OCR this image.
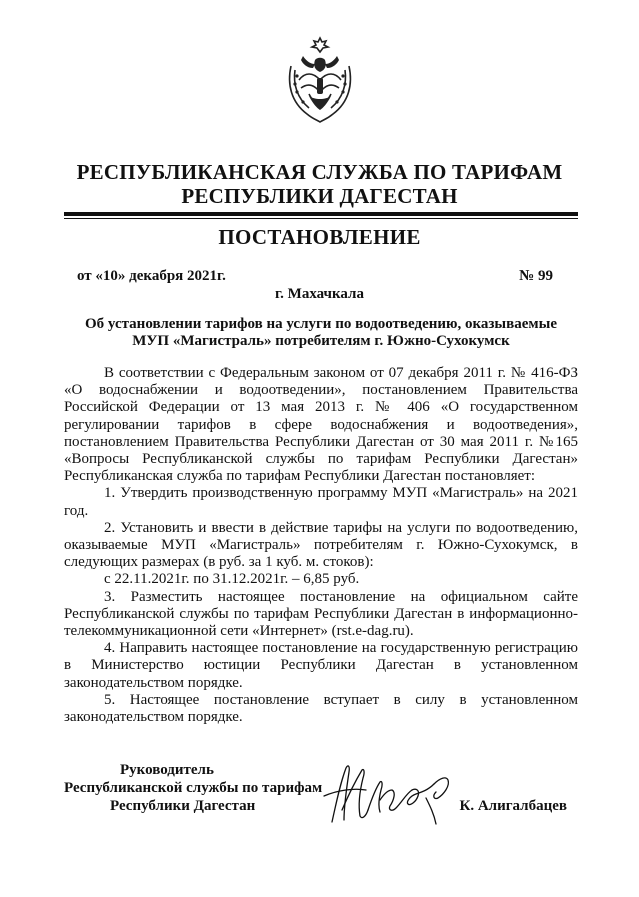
РЕСПУБЛИКАНСКАЯ СЛУЖБА ПО ТАРИФАМ
РЕСПУБЛИКИ ДАГЕСТАН
ПОСТАНОВЛЕНИЕ
от «10» декабря 2021г.	№ 99
г. Махачкала
Об установлении тарифов на услуги по водоотведению, оказываемые
МУП «Магистраль» потребителям г. Южно-Сухокумск

В соответствии с Федеральным законом от 07 декабря 2011 г. № 416-ФЗ «О водоснабжении и водоотведении», постановлением Правительства Российской Федерации от 13 мая 2013 г. № 406 «О государственном регулировании тарифов в сфере водоснабжения и водоотведения», постановлением Правительства Республики Дагестан от 30 мая 2011 г. №165 «Вопросы Республиканской службы по тарифам Республики Дагестан» Республиканская служба по тарифам Республики Дагестан постановляет:

1. Утвердить производственную программу МУП «Магистраль» на 2021 год.

2. Установить и ввести в действие тарифы на услуги по водоотведению, оказываемые МУП «Магистраль» потребителям г. Южно-Сухокумск, в следующих размерах (в руб. за 1 куб. м. стоков):

с 22.11.2021г. по 31.12.2021г. – 6,85 руб.

3. Разместить настоящее постановление на официальном сайте Республиканской службы по тарифам Республики Дагестан в информационно-телекоммуникационной сети «Интернет» (rst.e-dag.ru).

4. Направить настоящее постановление на государственную регистрацию в Министерство юстиции Республики Дагестан в установленном законодательством порядке.

5. Настоящее постановление вступает в силу в установленном законодательством порядке.

Руководитель
Республиканской службы по тарифам
Республики Дагестан	К. Алигалбацев
